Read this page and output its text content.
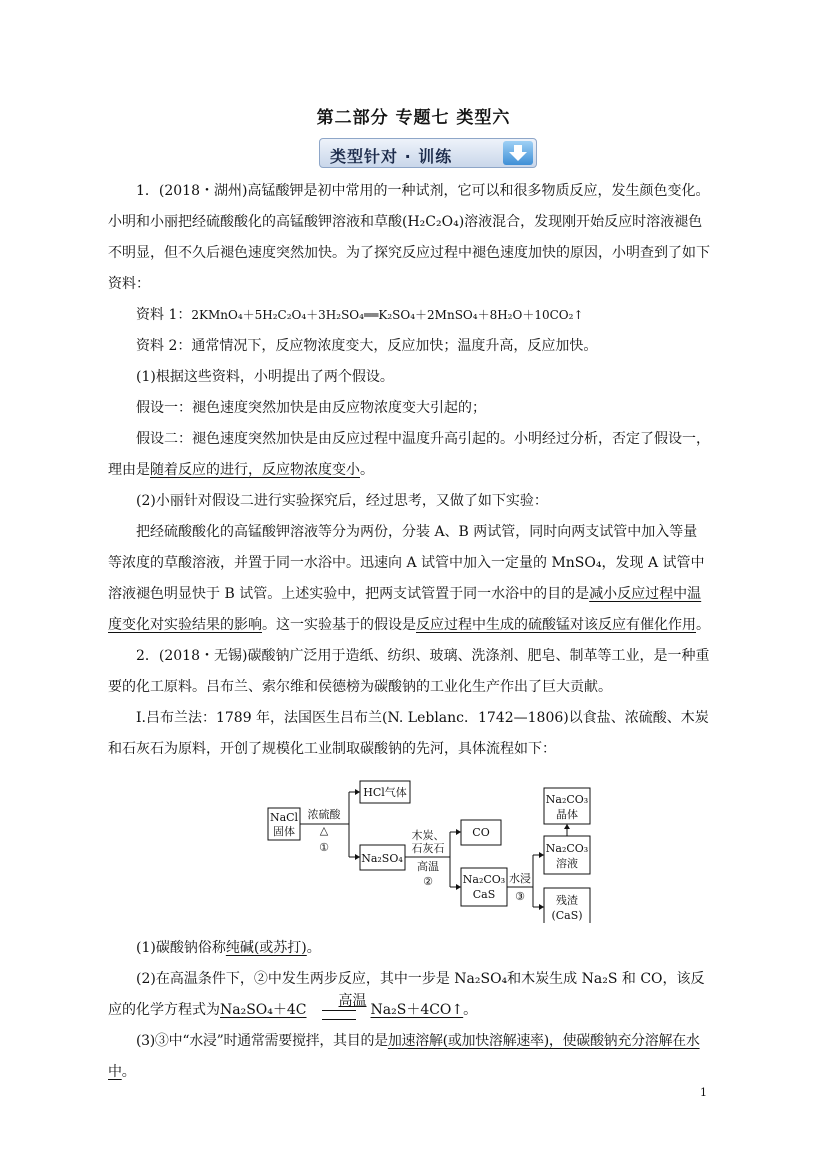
第二部分 专题七 类型六
类型针对 · 训练

1．(2018・湖州)高锰酸钾是初中常用的一种试剂，它可以和很多物质反应，发生颜色变化。小明和小丽把经硫酸酸化的高锰酸钾溶液和草酸(H₂C₂O₄)溶液混合，发现刚开始反应时溶液褪色不明显，但不久后褪色速度突然加快。为了探究反应过程中褪色速度加快的原因，小明查到了如下资料：

资料 1：2KMnO₄＋5H₂C₂O₄＋3H₂SO₄══K₂SO₄＋2MnSO₄＋8H₂O＋10CO₂↑

资料 2：通常情况下，反应物浓度变大，反应加快；温度升高，反应加快。

(1)根据这些资料，小明提出了两个假设。

假设一：褪色速度突然加快是由反应物浓度变大引起的；

假设二：褪色速度突然加快是由反应过程中温度升高引起的。小明经过分析，否定了假设一，理由是随着反应的进行，反应物浓度变小。

(2)小丽针对假设二进行实验探究后，经过思考，又做了如下实验：

把经硫酸酸化的高锰酸钾溶液等分为两份，分装 A、B 两试管，同时向两支试管中加入等量等浓度的草酸溶液，并置于同一水浴中。迅速向 A 试管中加入一定量的 MnSO₄，发现 A 试管中溶液褪色明显快于 B 试管。上述实验中，把两支试管置于同一水浴中的目的是减小反应过程中温度变化对实验结果的影响。这一实验基于的假设是反应过程中生成的硫酸锰对该反应有催化作用。

2．(2018・无锡)碳酸钠广泛用于造纸、纺织、玻璃、洗涤剂、肥皂、制革等工业，是一种重要的化工原料。吕布兰、索尔维和侯德榜为碳酸钠的工业化生产作出了巨大贡献。

Ⅰ.吕布兰法：1789 年，法国医生吕布兰(N. Leblanc．1742—1806)以食盐、浓硫酸、木炭和石灰石为原料，开创了规模化工业制取碳酸钠的先河，具体流程如下：

NaCl
固体
浓硫酸
△
①
HCl气体
Na₂SO₄
木炭、
石灰石
高温
②
CO
Na₂CO₃
CaS
水浸
③
Na₂CO₃
晶体
Na₂CO₃
溶液
残渣
(CaS)

(1)碳酸钠俗称纯碱(或苏打)。

(2)在高温条件下，②中发生两步反应，其中一步是 Na₂SO₄和木炭生成 Na₂S 和 CO，该反应的化学方程式为Na₂SO₄＋4C
高温
Na₂S＋4CO↑。

(3)③中“水浸”时通常需要搅拌，其目的是加速溶解(或加快溶解速率)，使碳酸钠充分溶解在水中。

1
